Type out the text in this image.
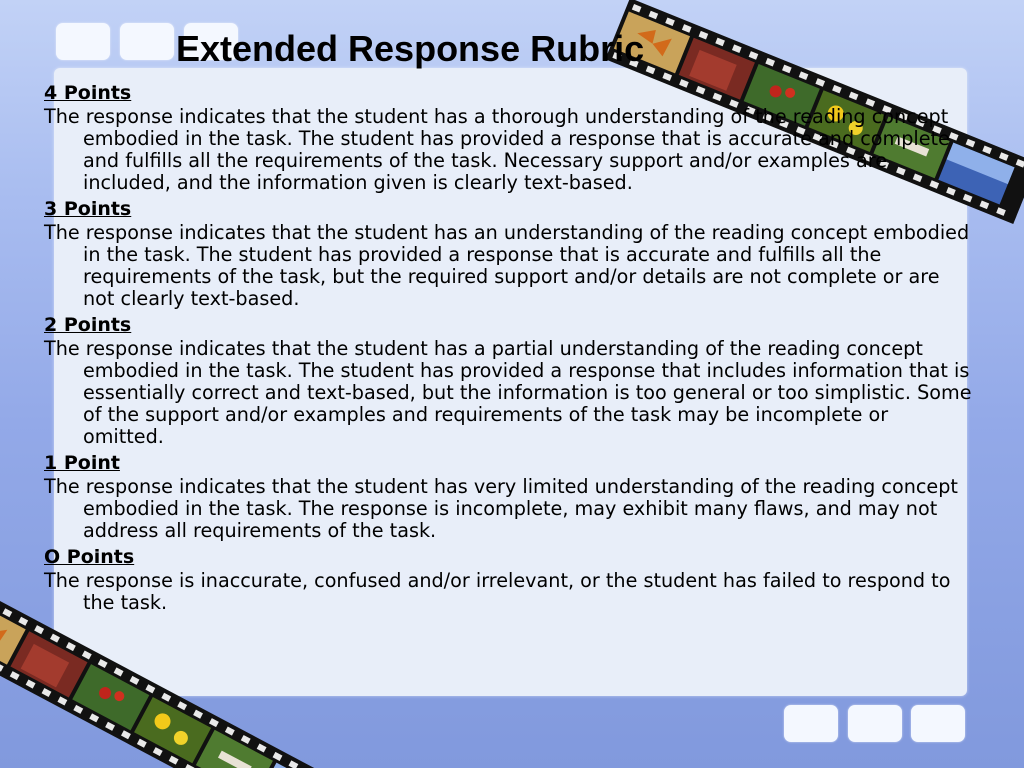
Extended Response Rubric
4 Points

The response indicates that the student has a thorough understanding of the reading concept embodied in the task. The student has provided a response that is accurate and complete and fulfills all the requirements of the task. Necessary support and/or examples are included, and the information given is clearly text-based.

3 Points

The response indicates that the student has an understanding of the reading concept embodied in the task. The student has provided a response that is accurate and fulfills all the requirements of the task, but the required support and/or details are not complete or are not clearly text-based.

2 Points

The response indicates that the student has a partial understanding of the reading concept embodied in the task. The student has provided a response that includes information that is essentially correct and text-based, but the information is too general or too simplistic. Some of the support and/or examples and requirements of the task may be incomplete or omitted.

1 Point

The response indicates that the student has very limited understanding of the reading concept embodied in the task. The response is incomplete, may exhibit many flaws, and may not address all requirements of the task.

O Points

The response is inaccurate, confused and/or irrelevant, or the student has failed to respond to the task.
